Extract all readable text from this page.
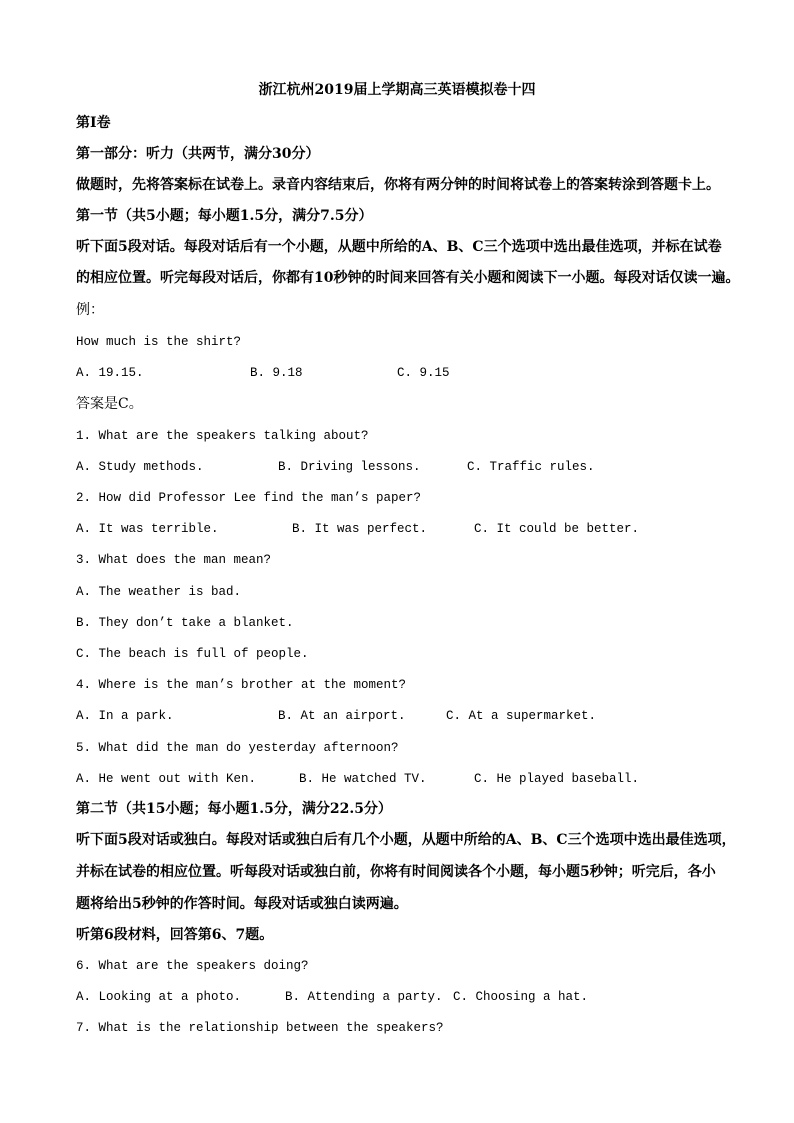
浙江杭州2019届上学期高三英语模拟卷十四
第I卷
第一部分：听力（共两节，满分30分）
做题时，先将答案标在试卷上。录音内容结束后，你将有两分钟的时间将试卷上的答案转涂到答题卡上。
第一节（共5小题；每小题1.5分，满分7.5分）
听下面5段对话。每段对话后有一个小题，从题中所给的A、B、C三个选项中选出最佳选项，并标在试卷
的相应位置。听完每段对话后，你都有10秒钟的时间来回答有关小题和阅读下一小题。每段对话仅读一遍。
例：
How much is the shirt?
A. 19.15.	B. 9.18	C. 9.15
答案是C。
1. What are the speakers talking about?
A. Study methods.	B. Driving lessons.	C. Traffic rules.
2. How did Professor Lee find the man’s paper?
A. It was terrible.	B. It was perfect.	C. It could be better.
3. What does the man mean?
A. The weather is bad.
B. They don’t take a blanket.
C. The beach is full of people.
4. Where is the man’s brother at the moment?
A. In a park.	B. At an airport.	C. At a supermarket.
5. What did the man do yesterday afternoon?
A. He went out with Ken.	B. He watched TV.	C. He played baseball.
第二节（共15小题；每小题1.5分，满分22.5分）
听下面5段对话或独白。每段对话或独白后有几个小题，从题中所给的A、B、C三个选项中选出最佳选项，
并标在试卷的相应位置。听每段对话或独白前，你将有时间阅读各个小题，每小题5秒钟；听完后，各小
题将给出5秒钟的作答时间。每段对话或独白读两遍。
听第6段材料，回答第6、7题。
6. What are the speakers doing?
A. Looking at a photo.	B. Attending a party. C. Choosing a hat.
7. What is the relationship between the speakers?
